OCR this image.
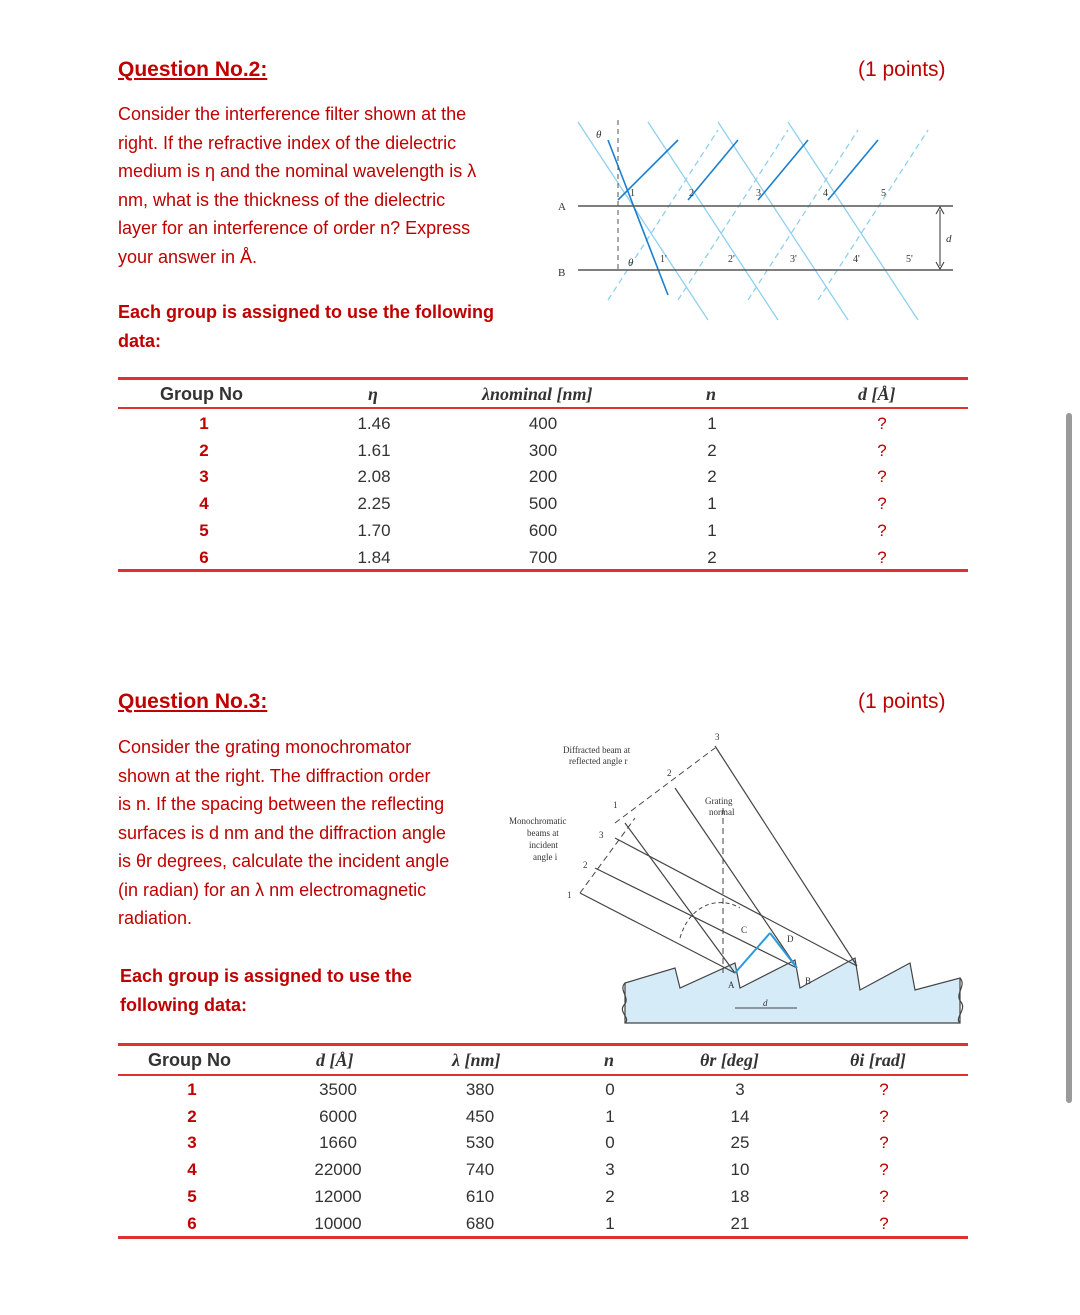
Question No.2:	(1 points)
Consider the interference filter shown at the
right. If the refractive index of the dielectric
medium is η and the nominal wavelength is λ
nm, what is the thickness of the dielectric
layer for an interference of order n? Express
your answer in Å.
Each group is assigned to use the following
data:
A
B
d
θ
θ
1	2	3	4	5
1'	2'	3'	4'	5'
Group No	η	λnominal [nm]	n	d [Å]
1	1.46	400	1	?
2	1.61	300	2	?
3	2.08	200	2	?
4	2.25	500	1	?
5	1.70	600	1	?
6	1.84	700	2	?
Question No.3:	(1 points)
Consider the grating monochromator
shown at the right. The diffraction order
is n. If the spacing between the reflecting
surfaces is d nm and the diffraction angle
is θr degrees, calculate the incident angle
(in radian) for an λ nm electromagnetic
radiation.
Each group is assigned to use the
following data:
Diffracted beam at
reflected angle r
Grating
normal
Monochromatic
beams at
incident
angle i
1
2
3
1
2
3
A	B
C
D
d
Group No	d [Å]	λ [nm]	n	θr [deg]	θi [rad]
1	3500	380	0	3	?
2	6000	450	1	14	?
3	1660	530	0	25	?
4	22000	740	3	10	?
5	12000	610	2	18	?
6	10000	680	1	21	?
